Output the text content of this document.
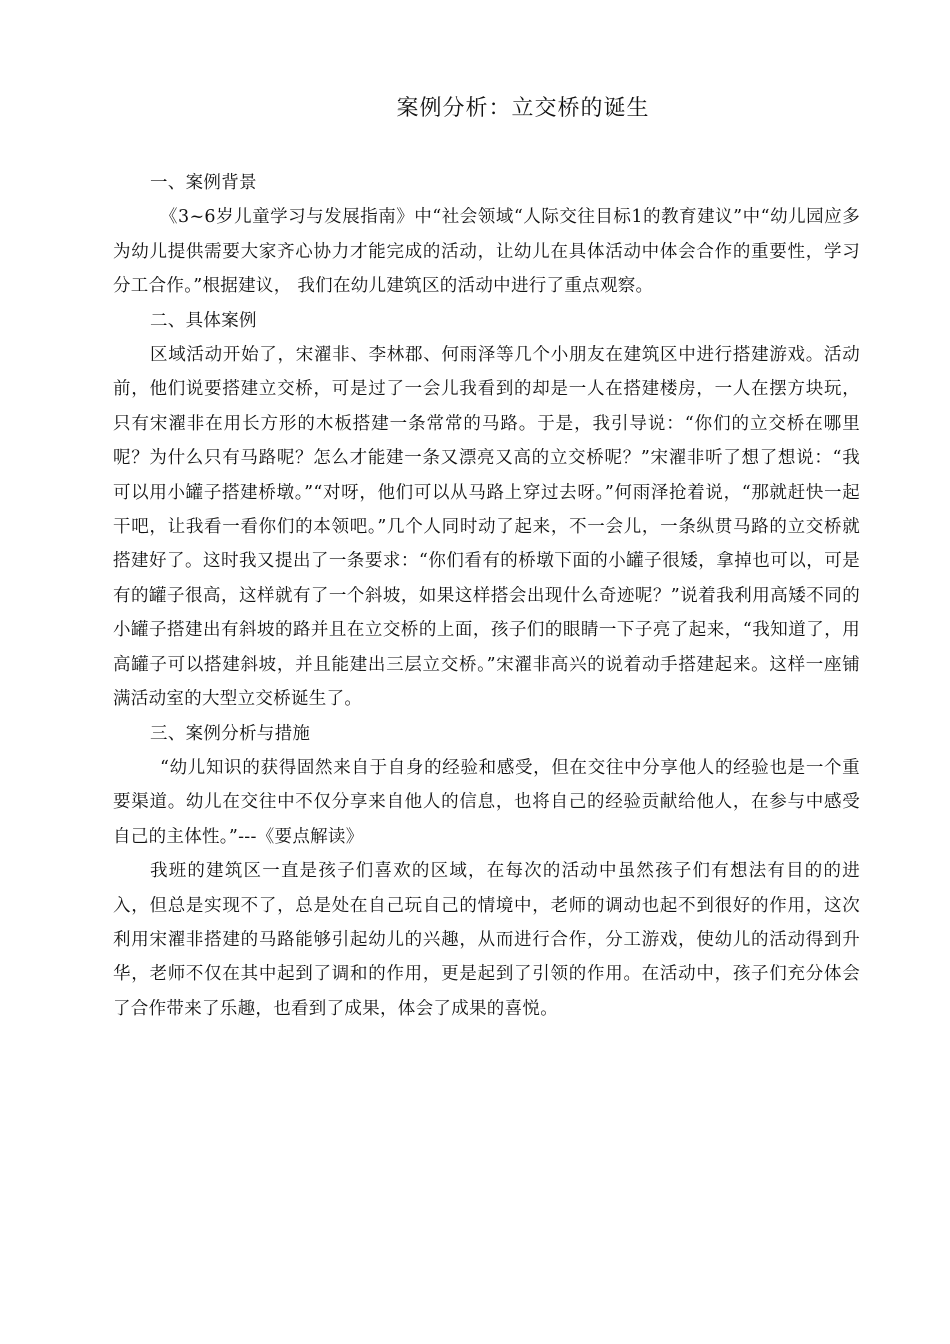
案例分析：立交桥的诞生

一、案例背景

《3~6岁儿童学习与发展指南》中“社会领域“人际交往目标1的教育建议”中“幼儿园应多为幼儿提供需要大家齐心协力才能完成的活动，让幼儿在具体活动中体会合作的重要性，学习分工合作。”根据建议， 我们在幼儿建筑区的活动中进行了重点观察。

二、具体案例

区域活动开始了，宋濯非、李林郡、何雨泽等几个小朋友在建筑区中进行搭建游戏。活动前，他们说要搭建立交桥，可是过了一会儿我看到的却是一人在搭建楼房，一人在摆方块玩，只有宋濯非在用长方形的木板搭建一条常常的马路。于是，我引导说：“你们的立交桥在哪里呢？为什么只有马路呢？怎么才能建一条又漂亮又高的立交桥呢？”宋濯非听了想了想说：“我可以用小罐子搭建桥墩。”“对呀，他们可以从马路上穿过去呀。”何雨泽抢着说，“那就赶快一起干吧，让我看一看你们的本领吧。”几个人同时动了起来，不一会儿，一条纵贯马路的立交桥就搭建好了。这时我又提出了一条要求：“你们看有的桥墩下面的小罐子很矮，拿掉也可以，可是有的罐子很高，这样就有了一个斜坡，如果这样搭会出现什么奇迹呢？”说着我利用高矮不同的小罐子搭建出有斜坡的路并且在立交桥的上面，孩子们的眼睛一下子亮了起来，“我知道了，用高罐子可以搭建斜坡，并且能建出三层立交桥。”宋濯非高兴的说着动手搭建起来。这样一座铺满活动室的大型立交桥诞生了。

三、案例分析与措施

“幼儿知识的获得固然来自于自身的经验和感受，但在交往中分享他人的经验也是一个重要渠道。幼儿在交往中不仅分享来自他人的信息，也将自己的经验贡献给他人，在参与中感受自己的主体性。”---《要点解读》

我班的建筑区一直是孩子们喜欢的区域，在每次的活动中虽然孩子们有想法有目的的进入，但总是实现不了，总是处在自己玩自己的情境中，老师的调动也起不到很好的作用，这次利用宋濯非搭建的马路能够引起幼儿的兴趣，从而进行合作，分工游戏，使幼儿的活动得到升华，老师不仅在其中起到了调和的作用，更是起到了引领的作用。在活动中，孩子们充分体会了合作带来了乐趣，也看到了成果，体会了成果的喜悦。
